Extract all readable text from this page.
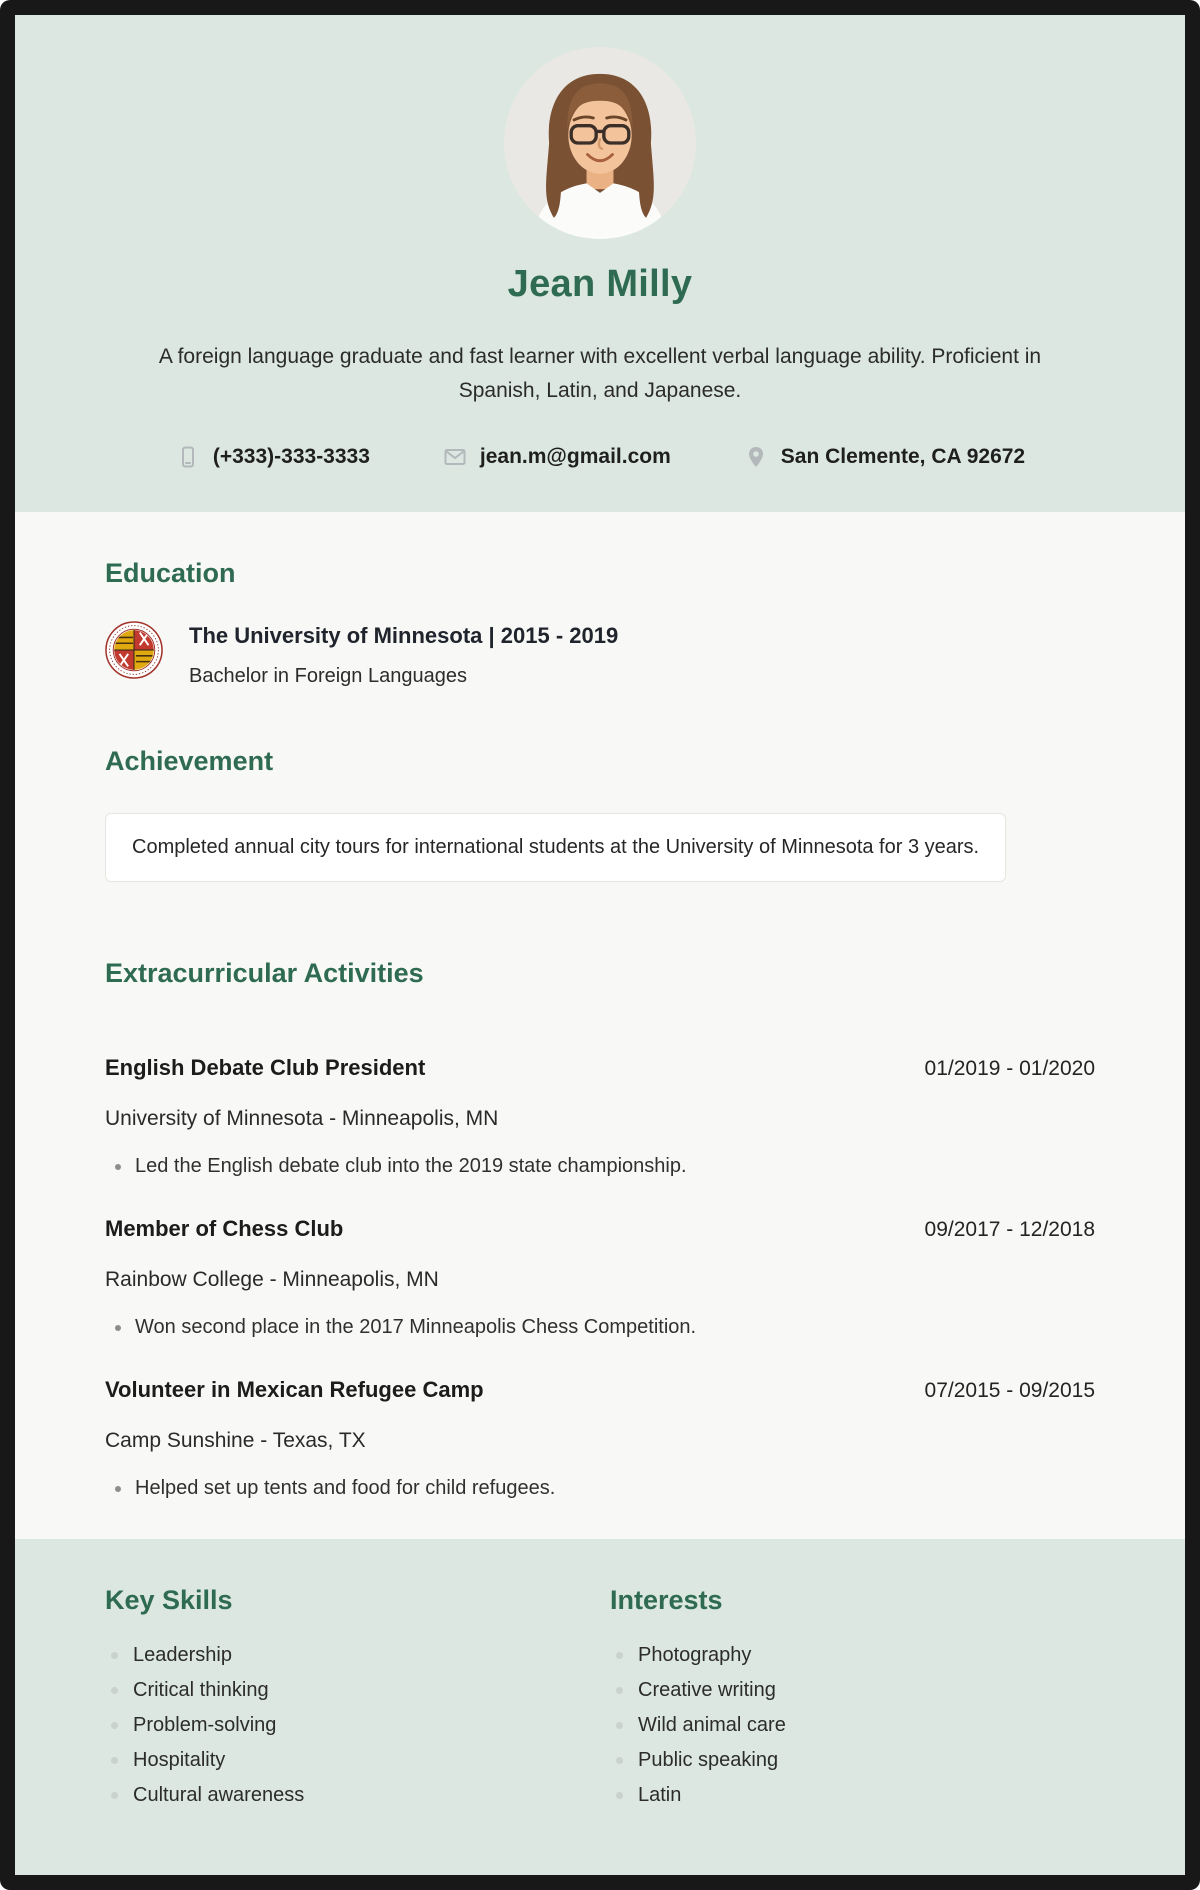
Jean Milly

A foreign language graduate and fast learner with excellent verbal language ability. Proficient in Spanish, Latin, and Japanese.

(+333)-333-3333	jean.m@gmail.com	San Clemente, CA 92672
Education
The University of Minnesota | 2015 - 2019
Bachelor in Foreign Languages
Achievement
Completed annual city tours for international students at the University of Minnesota for 3 years.
Extracurricular Activities
English Debate Club President	01/2019 - 01/2020
University of Minnesota - Minneapolis, MN
Led the English debate club into the 2019 state championship.
Member of Chess Club	09/2017 - 12/2018
Rainbow College - Minneapolis, MN
Won second place in the 2017 Minneapolis Chess Competition.
Volunteer in Mexican Refugee Camp	07/2015 - 09/2015
Camp Sunshine - Texas, TX
Helped set up tents and food for child refugees.
Key Skills
Leadership
Critical thinking
Problem-solving
Hospitality
Cultural awareness
Interests
Photography
Creative writing
Wild animal care
Public speaking
Latin
